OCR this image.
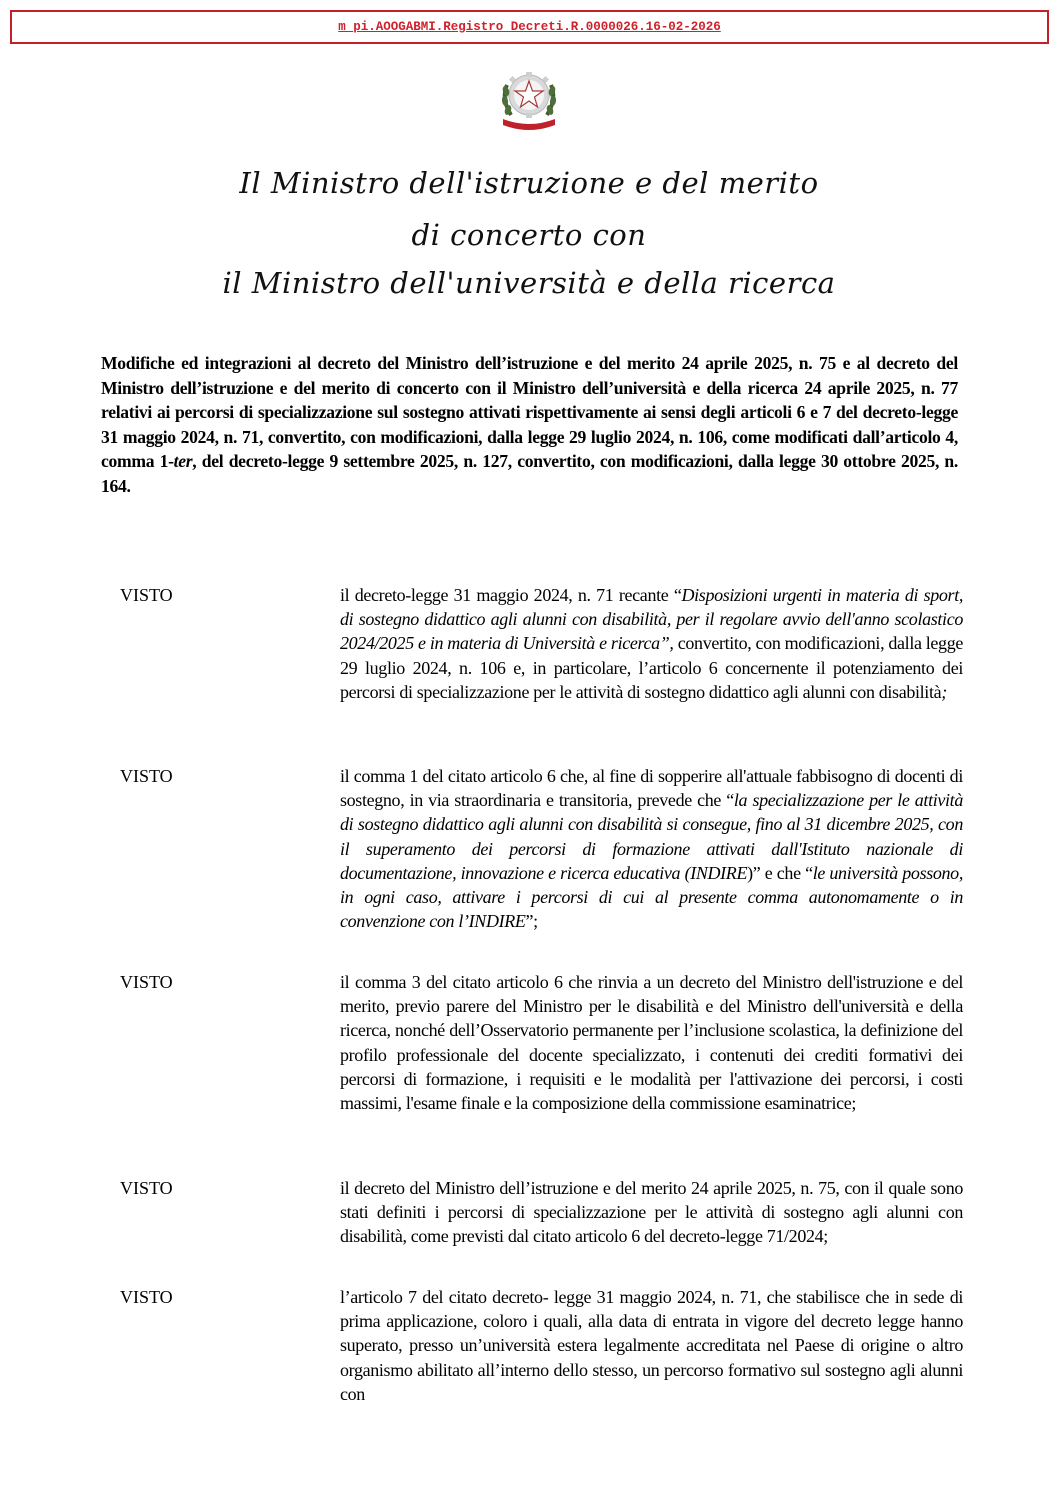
m_pi.AOOGABMI.Registro Decreti.R.0000026.16-02-2026
Il Ministro dell'istruzione e del merito
di concerto con
il Ministro dell'università e della ricerca
Modifiche ed integrazioni al decreto del Ministro dell’istruzione e del merito 24 aprile 2025, n. 75 e al decreto del Ministro dell’istruzione e del merito di concerto con il Ministro dell’università e della ricerca 24 aprile 2025, n. 77 relativi ai percorsi di specializzazione sul sostegno attivati rispettivamente ai sensi degli articoli 6 e 7 del decreto-legge 31 maggio 2024, n. 71, convertito, con modificazioni, dalla legge 29 luglio 2024, n. 106, come modificati dall’articolo 4, comma 1-ter, del decreto-legge 9 settembre 2025, n. 127, convertito, con modificazioni, dalla legge 30 ottobre 2025, n. 164.
VISTO	il decreto-legge 31 maggio 2024, n. 71 recante “Disposizioni urgenti in materia di sport, di sostegno didattico agli alunni con disabilità, per il regolare avvio dell'anno scolastico 2024/2025 e in materia di Università e ricerca”, convertito, con modificazioni, dalla legge 29 luglio 2024, n. 106 e, in particolare, l’articolo 6 concernente il potenziamento dei percorsi di specializzazione per le attività di sostegno didattico agli alunni con disabilità;
VISTO	il comma 1 del citato articolo 6 che, al fine di sopperire all'attuale fabbisogno di docenti di sostegno, in via straordinaria e transitoria, prevede che “la specializzazione per le attività di sostegno didattico agli alunni con disabilità si consegue, fino al 31 dicembre 2025, con il superamento dei percorsi di formazione attivati dall'Istituto nazionale di documentazione, innovazione e ricerca educativa (INDIRE)” e che “le università possono, in ogni caso, attivare i percorsi di cui al presente comma autonomamente o in convenzione con l’INDIRE”;
VISTO	il comma 3 del citato articolo 6 che rinvia a un decreto del Ministro dell'istruzione e del merito, previo parere del Ministro per le disabilità e del Ministro dell'università e della ricerca, nonché dell’Osservatorio permanente per l’inclusione scolastica, la definizione del profilo professionale del docente specializzato, i contenuti dei crediti formativi dei percorsi di formazione, i requisiti e le modalità per l'attivazione dei percorsi, i costi massimi, l'esame finale e la composizione della commissione esaminatrice;
VISTO	il decreto del Ministro dell’istruzione e del merito 24 aprile 2025, n. 75, con il quale sono stati definiti i percorsi di specializzazione per le attività di sostegno agli alunni con disabilità, come previsti dal citato articolo 6 del decreto-legge 71/2024;
VISTO	l’articolo 7 del citato decreto- legge 31 maggio 2024, n. 71, che stabilisce che in sede di prima applicazione, coloro i quali, alla data di entrata in vigore del decreto legge hanno superato, presso un’università estera legalmente accreditata nel Paese di origine o altro organismo abilitato all’interno dello stesso, un percorso formativo sul sostegno agli alunni con
